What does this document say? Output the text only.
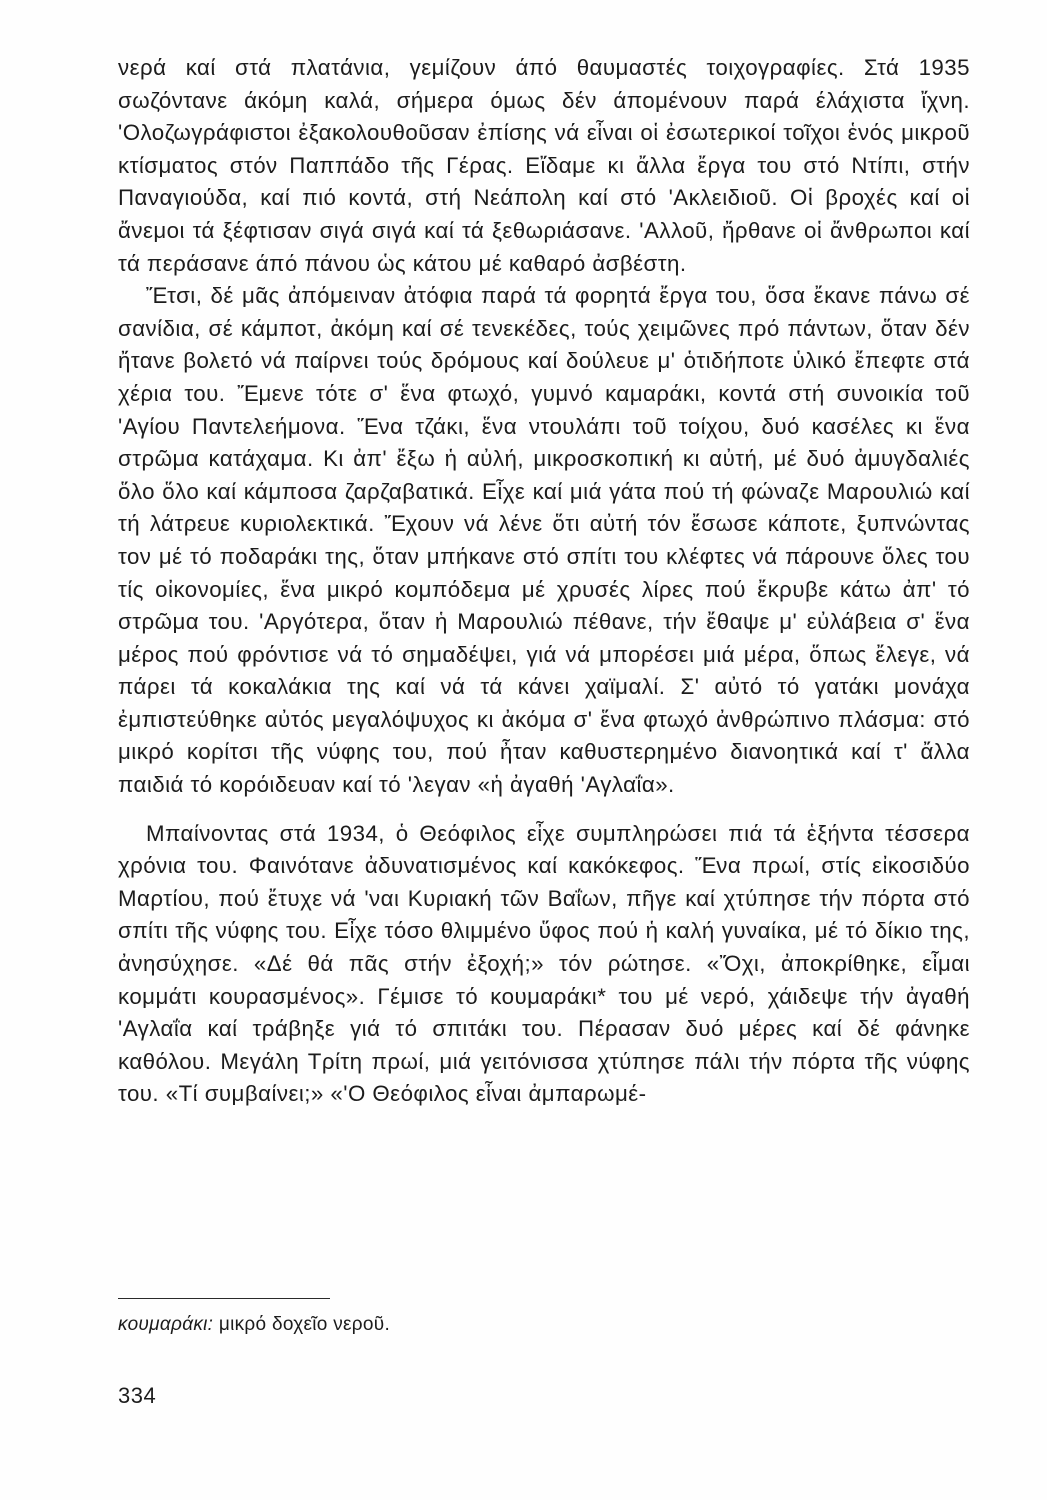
νερά καί στά πλατάνια, γεμίζουν άπό θαυμαστές τοιχογραφίες. Στά 1935 σωζόντανε άκόμη καλά, σήμερα όμως δέν άπομένουν παρά έλάχιστα ἴχνη. 'Ολοζωγράφιστοι ἐξακολουθοῦσαν ἐπίσης νά εἶναι οἱ ἐσωτερικοί τοῖχοι ἑνός μικροῦ κτίσματος στόν Παππάδο τῆς Γέρας. Εἴδαμε κι ἄλλα ἔργα του στό Ντίπι, στήν Παναγιούδα, καί πιό κοντά, στή Νεάπολη καί στό 'Ακλειδιοῦ. Οἱ βροχές καί οἱ ἄνεμοι τά ξέφτισαν σιγά σιγά καί τά ξεθωριάσανε. 'Αλλοῦ, ἤρθανε οἱ ἄνθρωποι καί τά περάσανε άπό πάνου ὡς κάτου μέ καθαρό ἀσβέστη.

Ἔτσι, δέ μᾶς ἀπόμειναν ἀτόφια παρά τά φορητά ἔργα του, ὅσα ἔκανε πάνω σέ σανίδια, σέ κάμποτ, ἀκόμη καί σέ τενεκέδες, τούς χειμῶνες πρό πάντων, ὅταν δέν ἤτανε βολετό νά παίρνει τούς δρόμους καί δούλευε μ' ὁτιδήποτε ὑλικό ἔπεφτε στά χέρια του. Ἔμενε τότε σ' ἕνα φτωχό, γυμνό καμαράκι, κοντά στή συνοικία τοῦ 'Αγίου Παντελεήμονα. Ἕνα τζάκι, ἕνα ντουλάπι τοῦ τοίχου, δυό κασέλες κι ἕνα στρῶμα κατάχαμα. Κι ἀπ' ἔξω ἡ αὐλή, μικροσκοπική κι αὐτή, μέ δυό ἀμυγδαλιές ὅλο ὅλο καί κάμποσα ζαρζαβατικά. Εἶχε καί μιά γάτα πού τή φώναζε Μαρουλιώ καί τή λάτρευε κυριολεκτικά. Ἔχουν νά λένε ὅτι αὐτή τόν ἔσωσε κάποτε, ξυπνώντας τον μέ τό ποδαράκι της, ὅταν μπήκανε στό σπίτι του κλέφτες νά πάρουνε ὅλες του τίς οἰκονομίες, ἕνα μικρό κομπόδεμα μέ χρυσές λίρες πού ἔκρυβε κάτω ἀπ' τό στρῶμα του. 'Αργότερα, ὅταν ἡ Μαρουλιώ πέθανε, τήν ἔθαψε μ' εὐλάβεια σ' ἕνα μέρος πού φρόντισε νά τό σημαδέψει, γιά νά μπορέσει μιά μέρα, ὅπως ἔλεγε, νά πάρει τά κοκαλάκια της καί νά τά κάνει χαϊμαλί. Σ' αὐτό τό γατάκι μονάχα ἐμπιστεύθηκε αὐτός μεγαλόψυχος κι ἀκόμα σ' ἕνα φτωχό ἀνθρώπινο πλάσμα: στό μικρό κορίτσι τῆς νύφης του, πού ἦταν καθυστερημένο διανοητικά καί τ' ἄλλα παιδιά τό κορόιδευαν καί τό 'λεγαν «ἡ ἀγαθή 'Αγλαΐα».

Μπαίνοντας στά 1934, ὁ Θεόφιλος εἶχε συμπληρώσει πιά τά ἑξήντα τέσσερα χρόνια του. Φαινότανε ἀδυνατισμένος καί κακόκεφος. Ἕνα πρωί, στίς εἰκοσιδύο Μαρτίου, πού ἔτυχε νά 'ναι Κυριακή τῶν Βαΐων, πῆγε καί χτύπησε τήν πόρτα στό σπίτι τῆς νύφης του. Εἶχε τόσο θλιμμένο ὕφος πού ἡ καλή γυναίκα, μέ τό δίκιο της, ἀνησύχησε. «Δέ θά πᾶς στήν ἐξοχή;» τόν ρώτησε. «Ὄχι, ἀποκρίθηκε, εἶμαι κομμάτι κουρασμένος». Γέμισε τό κουμαράκι* του μέ νερό, χάιδεψε τήν ἀγαθή 'Αγλαΐα καί τράβηξε γιά τό σπιτάκι του. Πέρασαν δυό μέρες καί δέ φάνηκε καθόλου. Μεγάλη Τρίτη πρωί, μιά γειτόνισσα χτύπησε πάλι τήν πόρτα τῆς νύφης του. «Τί συμβαίνει;» «'Ο Θεόφιλος εἶναι ἀμπαρωμέ-

κουμαράκι: μικρό δοχεῖο νεροῦ.
334
